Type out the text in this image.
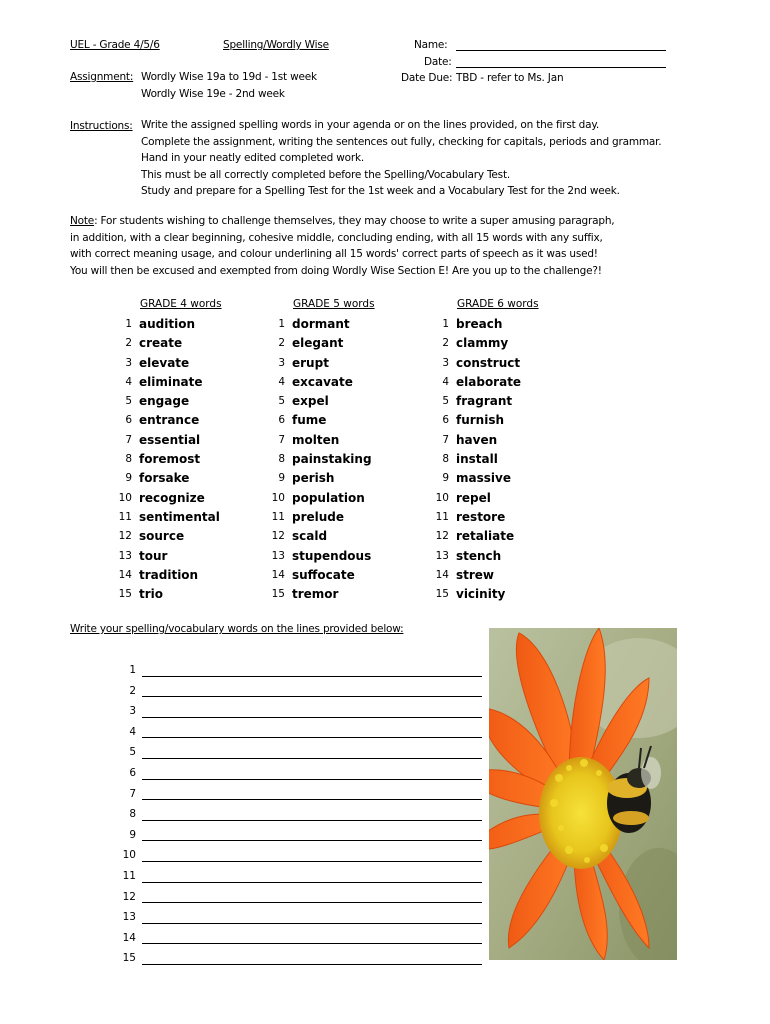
UEL - Grade 4/5/6	Spelling/Wordly Wise	Name:
Date:
Date Due: TBD - refer to Ms. Jan
Assignment: Wordly Wise 19a to 19d - 1st week
Wordly Wise 19e - 2nd week
Instructions: Write the assigned spelling words in your agenda or on the lines provided, on the first day.
Complete the assignment, writing the sentences out fully, checking for capitals, periods and grammar.
Hand in your neatly edited completed work.
This must be all correctly completed before the Spelling/Vocabulary Test.
Study and prepare for a Spelling Test for the 1st week and a Vocabulary Test for the 2nd week.
Note: For students wishing to challenge themselves, they may choose to write a super amusing paragraph,
in addition, with a clear beginning, cohesive middle, concluding ending, with all 15 words with any suffix,
with correct meaning usage, and colour underlining all 15 words' correct parts of speech as it was used!
You will then be excused and exempted from doing Wordly Wise Section E! Are you up to the challenge?!
GRADE 4 words
1 audition
2 create
3 elevate
4 eliminate
5 engage
6 entrance
7 essential
8 foremost
9 forsake
10 recognize
11 sentimental
12 source
13 tour
14 tradition
15 trio
GRADE 5 words
1 dormant
2 elegant
3 erupt
4 excavate
5 expel
6 fume
7 molten
8 painstaking
9 perish
10 population
11 prelude
12 scald
13 stupendous
14 suffocate
15 tremor
GRADE 6 words
1 breach
2 clammy
3 construct
4 elaborate
5 fragrant
6 furnish
7 haven
8 install
9 massive
10 repel
11 restore
12 retaliate
13 stench
14 strew
15 vicinity
Write your spelling/vocabulary words on the lines provided below:
1
2
3
4
5
6
7
8
9
10
11
12
13
14
15
